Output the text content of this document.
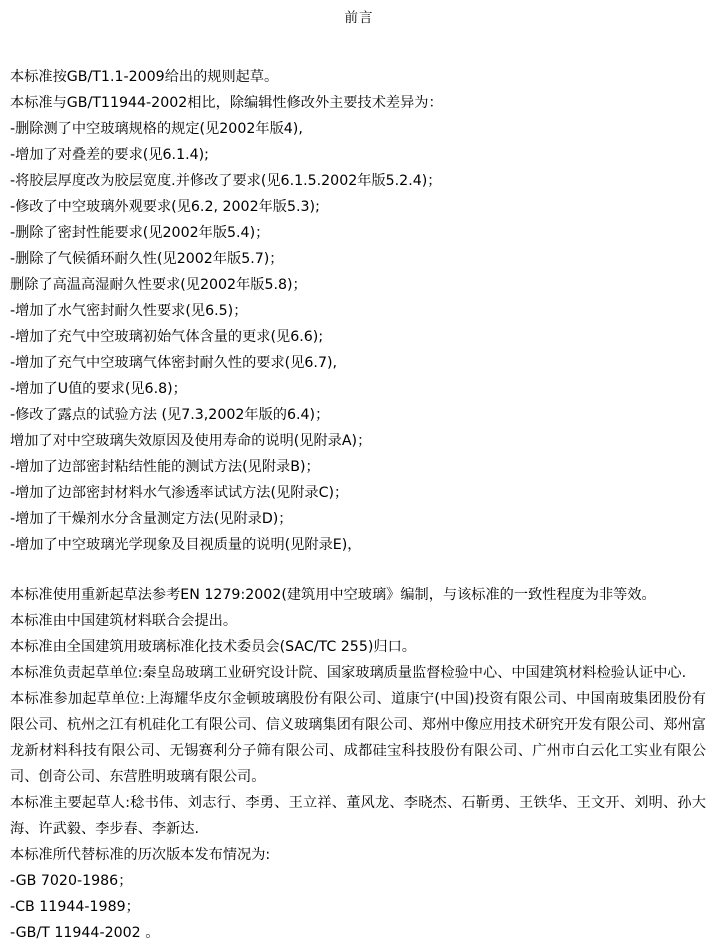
前言

本标准按GB/T1.1-2009给出的规则起草。

本标准与GB/T11944-2002相比，除编辑性修改外主要技术差异为：

-删除测了中空玻璃规格的规定(见2002年版4),

-增加了对叠差的要求(见6.1.4);

-将胶层厚度改为胶层宽度.并修改了要求(见6.1.5.2002年版5.2.4)；

-修改了中空玻璃外观要求(见6.2, 2002年版5.3);

-删除了密封性能要求(见2002年版5.4)；

-删除了气候循环耐久性(见2002年版5.7)；

删除了高温高湿耐久性要求(见2002年版5.8)；

-增加了水气密封耐久性要求(见6.5)；

-增加了充气中空玻璃初始气体含量的更求(见6.6);

-增加了充气中空玻璃气体密封耐久性的要求(见6.7),

-增加了U值的要求(见6.8)；

-修改了露点的试验方法 (见7.3,2002年版的6.4)；

增加了对中空玻璃失效原因及使用寿命的说明(见附录A)；

-增加了边部密封粘结性能的测试方法(见附录B)；

-增加了边部密封材料水气渗透率试试方法(见附录C)；

-增加了干燥剂水分含量测定方法(见附录D)；

-增加了中空玻璃光学现象及目视质量的说明(见附录E)，

本标准使用重新起草法参考EN 1279:2002(建筑用中空玻璃》编制，与该标准的一致性程度为非等效。

本标准由中国建筑材料联合会提出。

本标准由全国建筑用玻璃标准化技术委员会(SAC/TC 255)归口。

本标准负责起草单位:秦皇岛玻璃工业研究设计院、国家玻璃质量监督检验中心、中国建筑材料检验认证中心.

本标准参加起草单位:上海耀华皮尔金顿玻璃股份有限公司、道康宁(中国)投资有限公司、中国南玻集团股份有限公司、杭州之江有机硅化工有限公司、信义玻璃集团有限公司、郑州中像应用技术研究开发有限公司、郑州富龙新材料科技有限公司、无锡赛利分子筛有限公司、成都硅宝科技股份有限公司、广州市白云化工实业有限公司、创奇公司、东营胜明玻璃有限公司。

本标准主要起草人:稔书伟、刘志行、李勇、王立祥、董风龙、李晓杰、石靳勇、王铁华、王文开、刘明、孙大海、许武毅、李步春、李新达.

本标准所代替标准的历次版本发布情况为:

-GB 7020-1986；

-CB 11944-1989；

-GB/T 11944-2002 。
